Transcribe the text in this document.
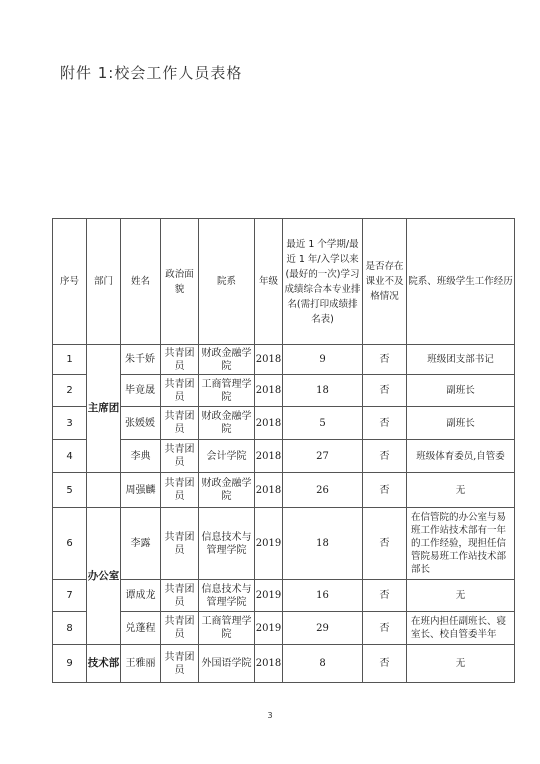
附件 1:校会工作人员表格
序号	部门	姓名	政治面貌	院系	年级	最近 1 个学期/最近 1 年/入学以来(最好的一次)学习成绩综合本专业排名(需打印成绩排名表)	是否存在课业不及格情况	院系、班级学生工作经历
1	主席团	朱千娇	共青团员	财政金融学院	2018	9	否	班级团支部书记
2		毕竟晟	共青团员	工商管理学院	2018	18	否	副班长
3		张媛媛	共青团员	财政金融学院	2018	5	否	副班长
4		李典	共青团员	会计学院	2018	27	否	班级体育委员,自管委
5		周强麟	共青团员	财政金融学院	2018	26	否	无
6	办公室	李露	共青团员	信息技术与管理学院	2019	18	否	在信管院的办公室与易班工作站技术部有一年的工作经验，现担任信管院易班工作站技术部部长
7		谭成龙	共青团员	信息技术与管理学院	2019	16	否	无
8		兑蓬程	共青团员	工商管理学院	2019	29	否	在班内担任副班长、寝室长、校自管委半年
9	技术部	王雅丽	共青团员	外国语学院	2018	8	否	无
3
